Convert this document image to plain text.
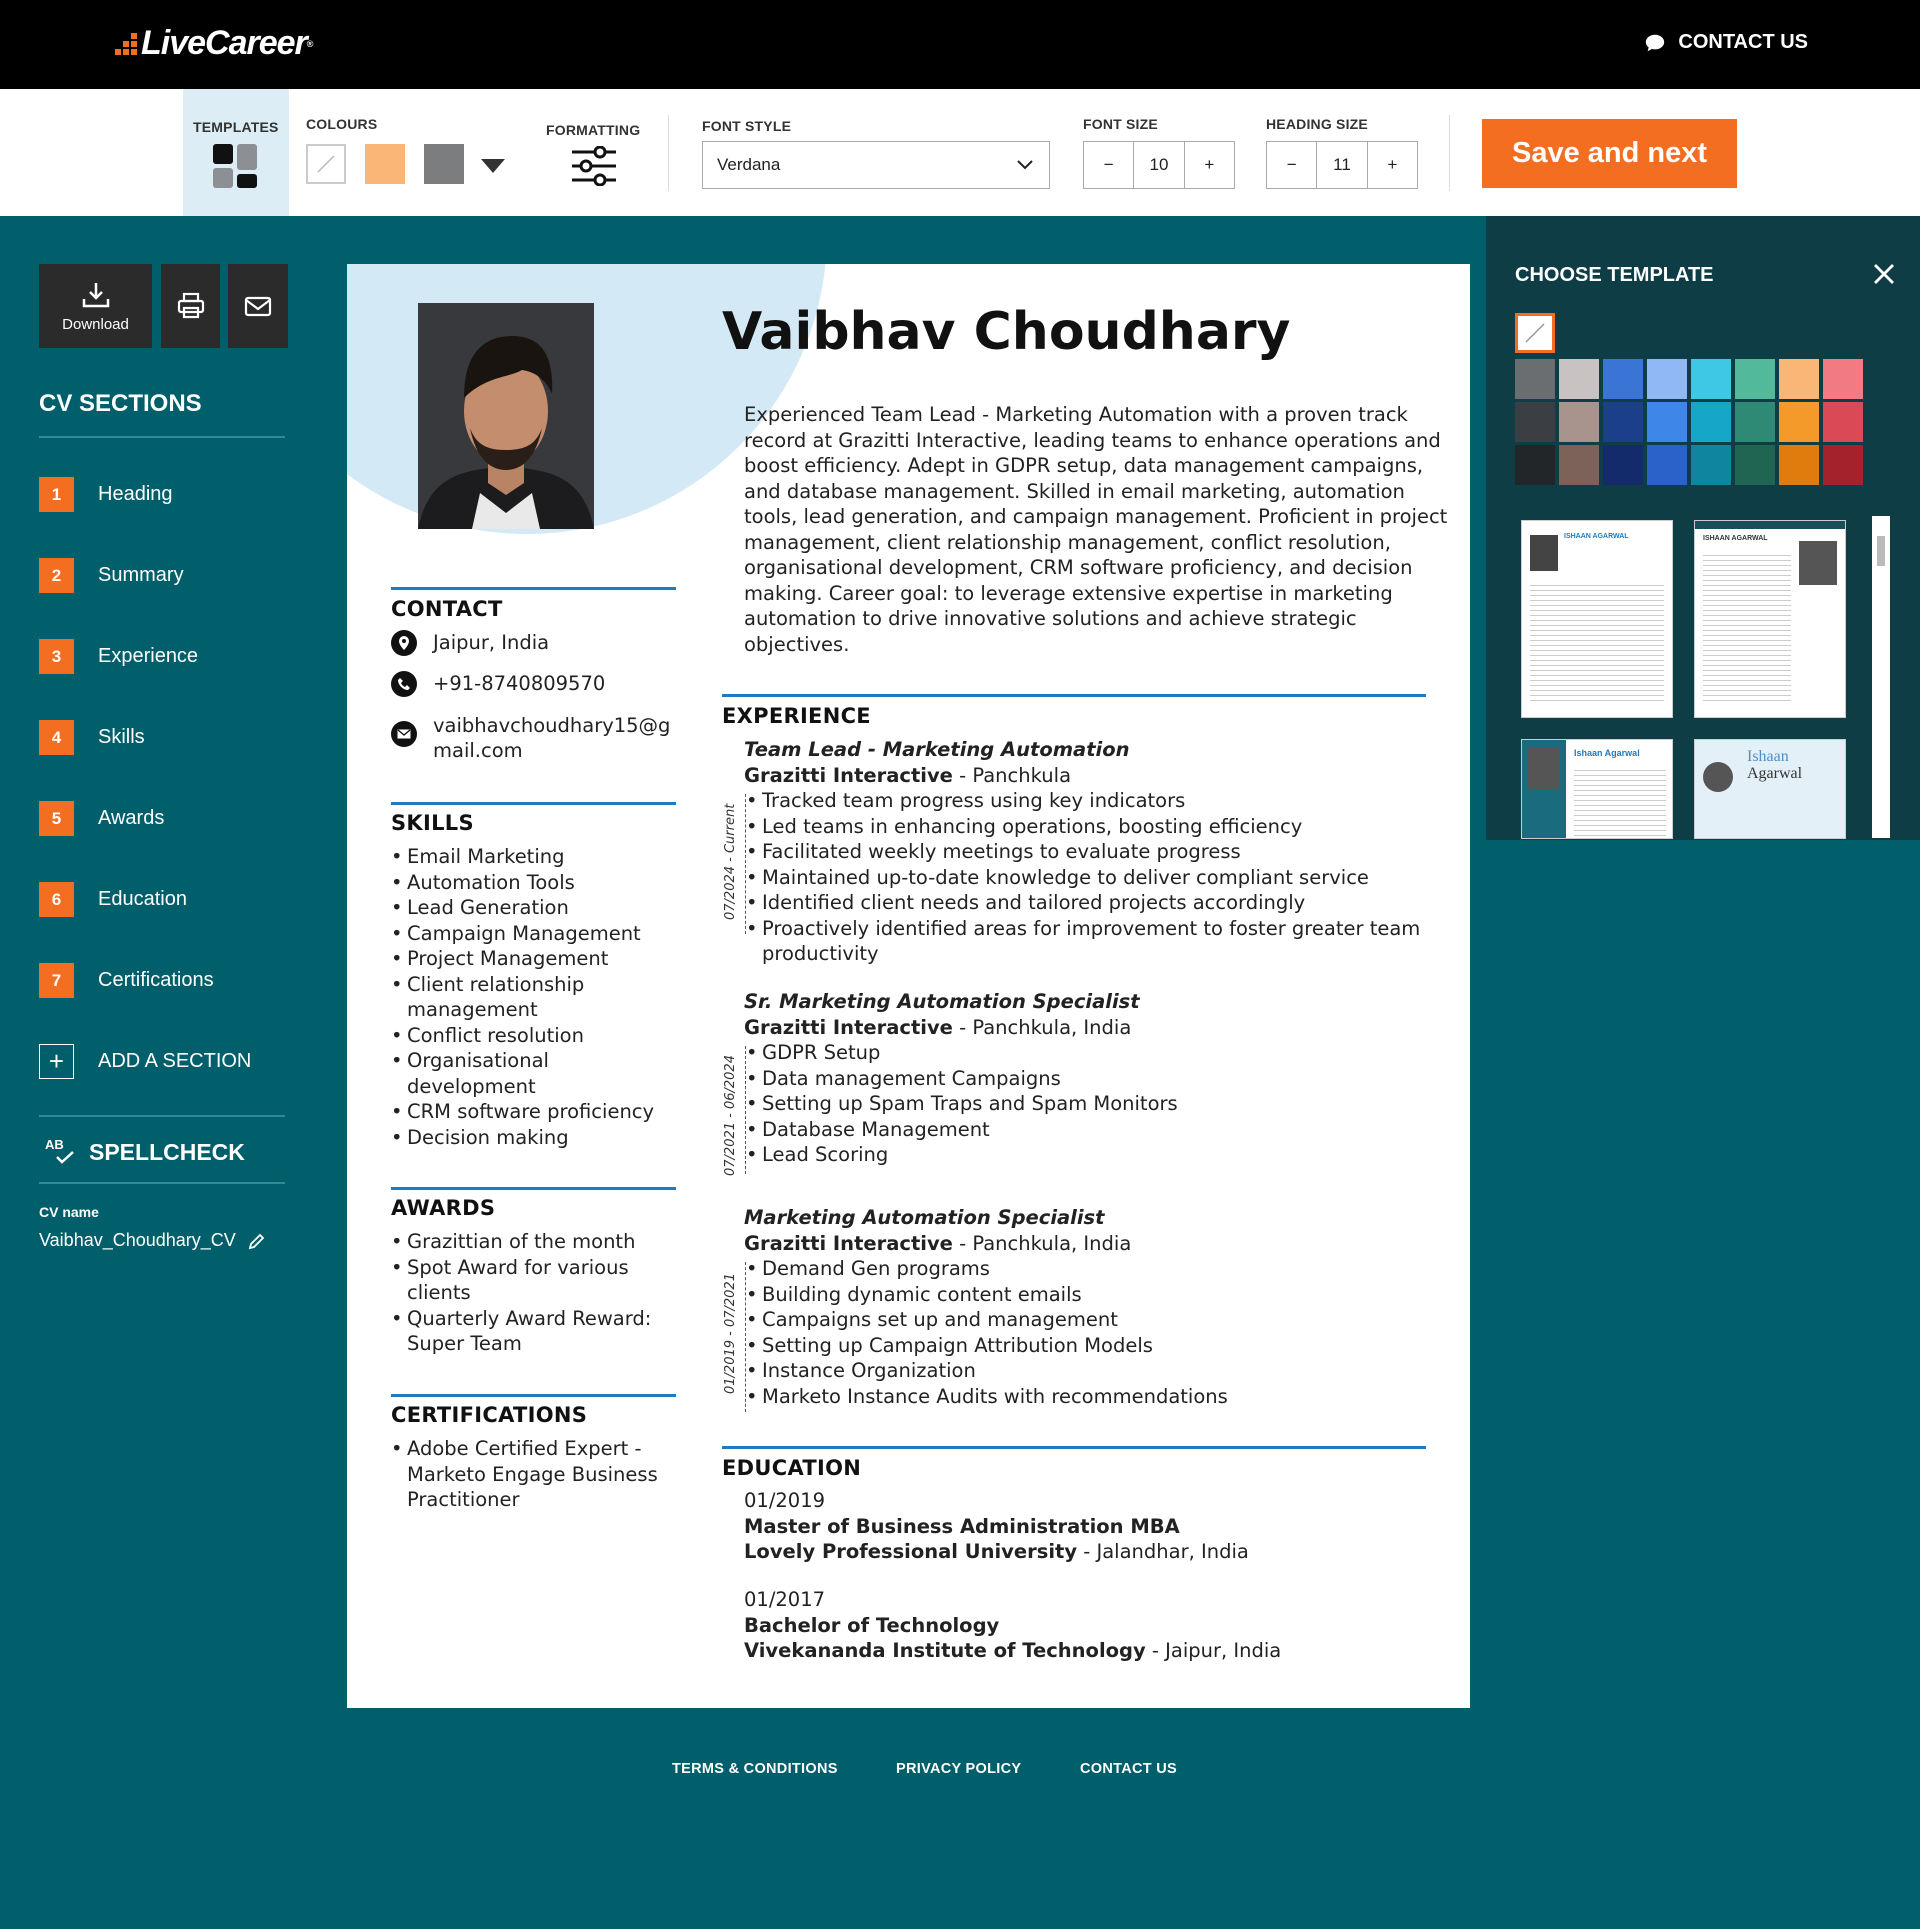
LiveCareer ®	CONTACT US
TEMPLATES COLOURS	FORMATTING	FONT STYLE
Verdana
FONT SIZE
−	10	+
HEADING SIZE
−	11	+	Save and next
Download
CV SECTIONS
1	Heading
2	Summary
3	Experience
4	Skills
5	Awards
6	Education
7	Certifications
+	ADD A SECTION
AB SPELLCHECK
CV name
Vaibhav_Choudhary_CV
Vaibhav Choudhary
Experienced Team Lead - Marketing Automation with a proven track record at Grazitti Interactive, leading teams to enhance operations and boost efficiency. Adept in GDPR setup, data management campaigns, and database management. Skilled in email marketing, automation tools, lead generation, and campaign management. Proficient in project management, client relationship management, conflict resolution, organisational development, CRM software proficiency, and decision making. Career goal: to leverage extensive expertise in marketing automation to drive innovative solutions and achieve strategic objectives.
CONTACT
Jaipur, India
+91-8740809570
vaibhavchoudhary15@g
mail.com
SKILLS
• Email Marketing
• Automation Tools
• Lead Generation
• Campaign Management
• Project Management
• Client relationship management
• Conflict resolution
• Organisational development
• CRM software proficiency
• Decision making
AWARDS
• Grazittian of the month
• Spot Award for various clients
• Quarterly Award Reward: Super Team
CERTIFICATIONS
• Adobe Certified Expert - Marketo Engage Business Practitioner
EXPERIENCE
Team Lead - Marketing Automation
Grazitti Interactive - Panchkula
• Tracked team progress using key indicators
• Led teams in enhancing operations, boosting efficiency
• Facilitated weekly meetings to evaluate progress
• Maintained up-to-date knowledge to deliver compliant service
• Identified client needs and tailored projects accordingly
• Proactively identified areas for improvement to foster greater team productivity
07/2024 - Current
Sr. Marketing Automation Specialist
Grazitti Interactive - Panchkula, India
• GDPR Setup
• Data management Campaigns
• Setting up Spam Traps and Spam Monitors
• Database Management
• Lead Scoring
07/2021 - 06/2024
Marketing Automation Specialist
Grazitti Interactive - Panchkula, India
• Demand Gen programs
• Building dynamic content emails
• Campaigns set up and management
• Setting up Campaign Attribution Models
• Instance Organization
• Marketo Instance Audits with recommendations
01/2019 - 07/2021
EDUCATION
01/2019
Master of Business Administration MBA
Lovely Professional University - Jalandhar, India
01/2017
Bachelor of Technology
Vivekananda Institute of Technology - Jaipur, India
CHOOSE TEMPLATE
ISHAAN AGARWAL	ISHAAN AGARWAL
Ishaan Agarwal	Ishaan
Agarwal
TERMS & CONDITIONS	PRIVACY POLICY	CONTACT US
